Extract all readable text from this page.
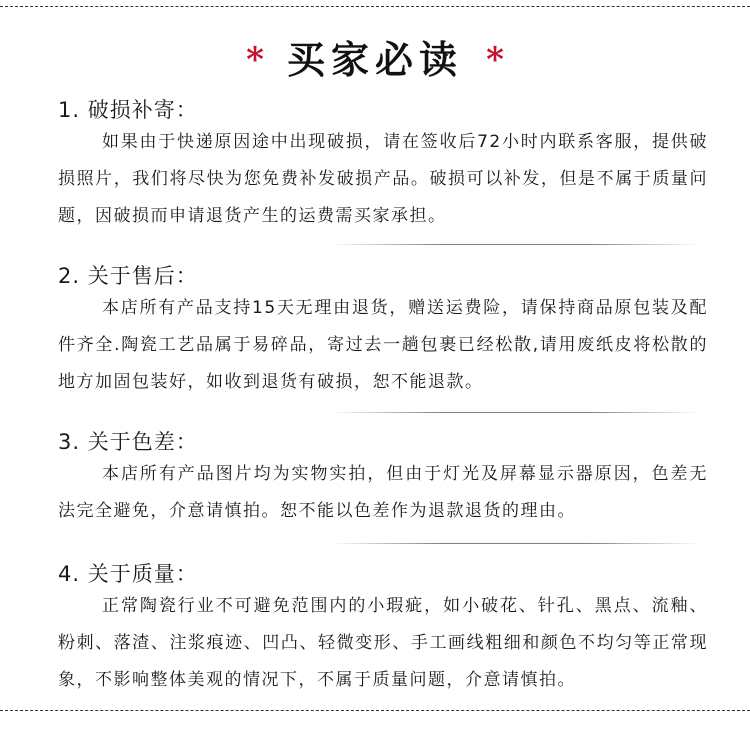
* 买家必读 *
1. 破损补寄：
如果由于快递原因途中出现破损，请在签收后72小时内联系客服，提供破损照片，我们将尽快为您免费补发破损产品。破损可以补发，但是不属于质量问题，因破损而申请退货产生的运费需买家承担。
2. 关于售后：
本店所有产品支持15天无理由退货，赠送运费险，请保持商品原包装及配件齐全.陶瓷工艺品属于易碎品，寄过去一趟包裹已经松散,请用废纸皮将松散的地方加固包装好，如收到退货有破损，恕不能退款。
3. 关于色差：
本店所有产品图片均为实物实拍，但由于灯光及屏幕显示器原因，色差无法完全避免，介意请慎拍。恕不能以色差作为退款退货的理由。
4. 关于质量：
正常陶瓷行业不可避免范围内的小瑕疵，如小破花、针孔、黑点、流釉、粉刺、落渣、注浆痕迹、凹凸、轻微变形、手工画线粗细和颜色不均匀等正常现象，不影响整体美观的情况下，不属于质量问题，介意请慎拍。
